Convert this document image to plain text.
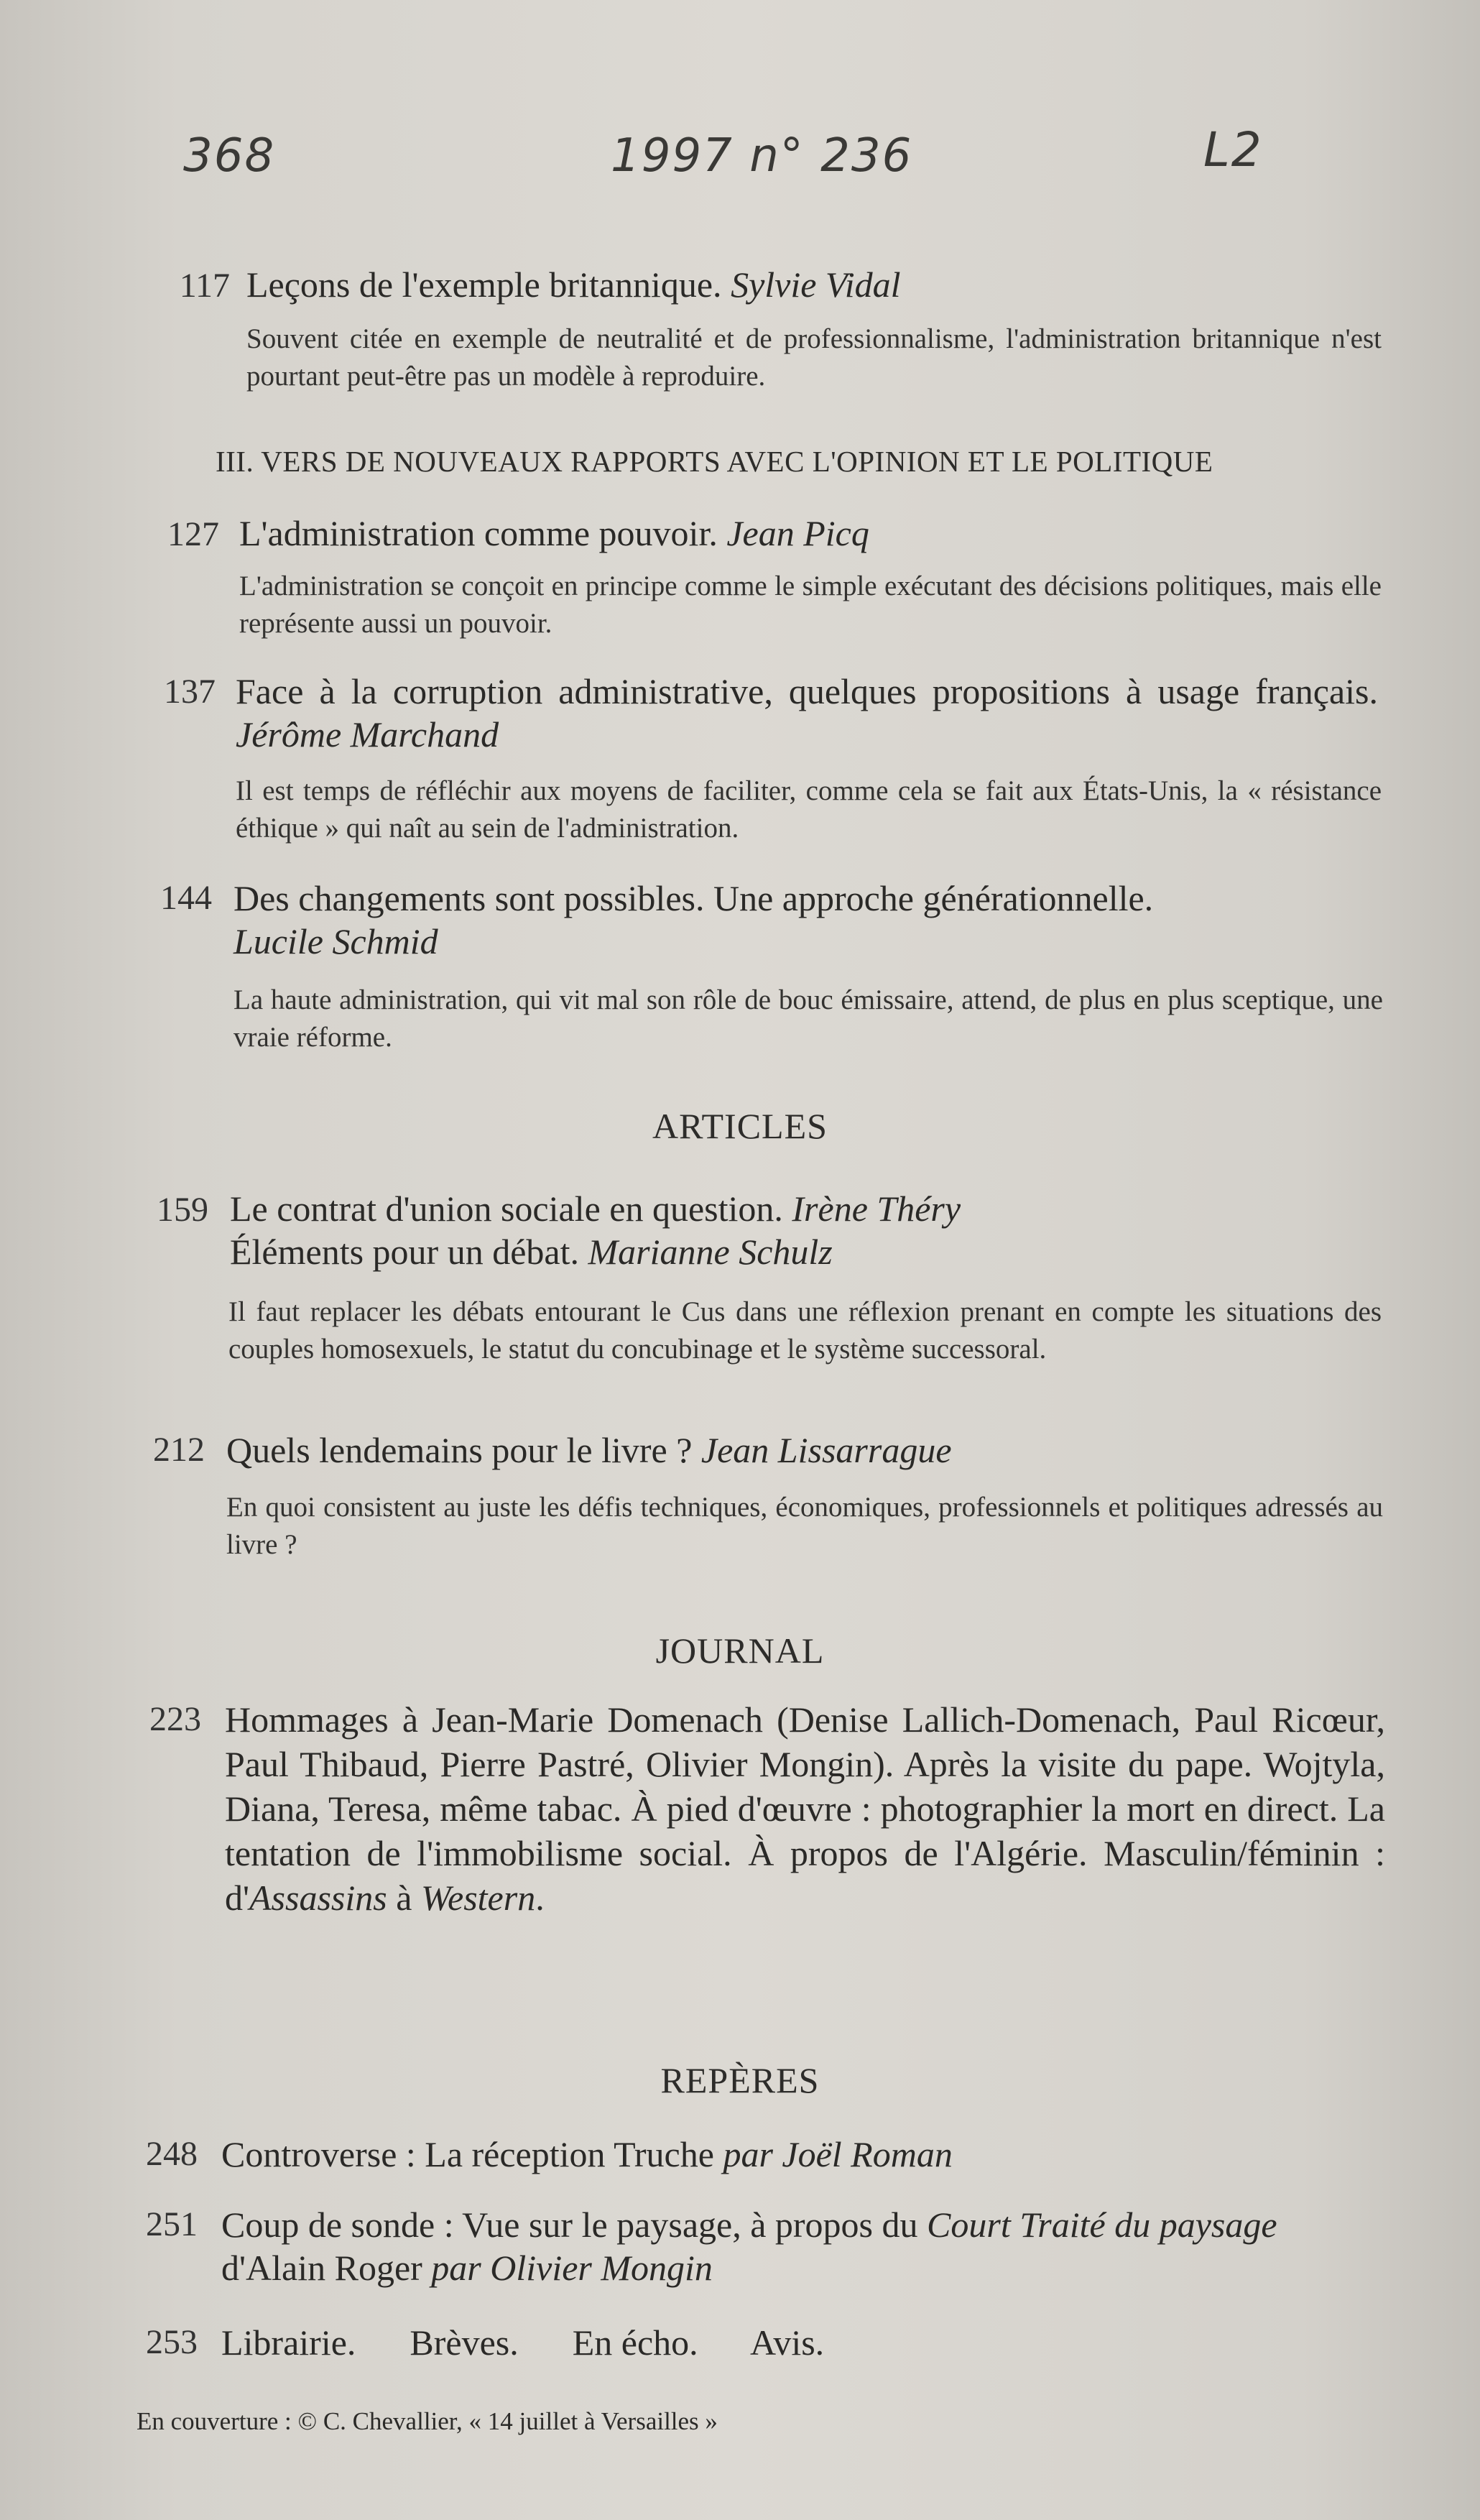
368	1997 n° 236	L2
117 Leçons de l'exemple britannique. Sylvie Vidal
Souvent citée en exemple de neutralité et de professionnalisme, l'administration britannique n'est pourtant peut-être pas un modèle à reproduire.
III. VERS DE NOUVEAUX RAPPORTS AVEC L'OPINION ET LE POLITIQUE
127 L'administration comme pouvoir. Jean Picq
L'administration se conçoit en principe comme le simple exécutant des décisions politiques, mais elle représente aussi un pouvoir.
137 Face à la corruption administrative, quelques propositions à usage français. Jérôme Marchand
Il est temps de réfléchir aux moyens de faciliter, comme cela se fait aux États-Unis, la « résistance éthique » qui naît au sein de l'administration.
144 Des changements sont possibles. Une approche générationnelle.
Lucile Schmid
La haute administration, qui vit mal son rôle de bouc émissaire, attend, de plus en plus sceptique, une vraie réforme.
ARTICLES
159 Le contrat d'union sociale en question. Irène Théry
Éléments pour un débat. Marianne Schulz
Il faut replacer les débats entourant le Cus dans une réflexion prenant en compte les situations des couples homosexuels, le statut du concubinage et le système successoral.
212 Quels lendemains pour le livre ? Jean Lissarrague
En quoi consistent au juste les défis techniques, économiques, professionnels et politiques adressés au livre ?
JOURNAL
223 Hommages à Jean-Marie Domenach (Denise Lallich-Domenach, Paul Ricœur, Paul Thibaud, Pierre Pastré, Olivier Mongin). Après la visite du pape. Wojtyla, Diana, Teresa, même tabac. À pied d'œuvre : photographier la mort en direct. La tentation de l'immobilisme social. À propos de l'Algérie. Masculin/féminin : d'Assassins à Western.
REPÈRES
248 Controverse : La réception Truche par Joël Roman
251 Coup de sonde : Vue sur le paysage, à propos du Court Traité du paysage d'Alain Roger par Olivier Mongin
253 Librairie. Brèves. En écho. Avis.
En couverture : © C. Chevallier, « 14 juillet à Versailles »
